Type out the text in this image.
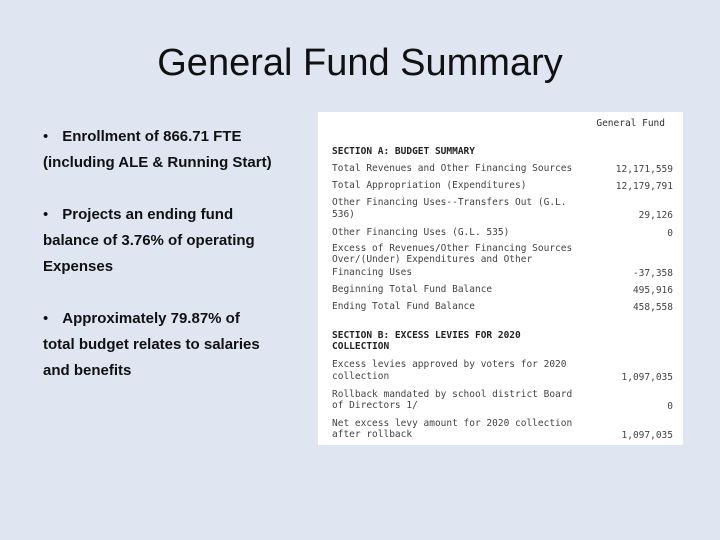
General Fund Summary
• Enrollment of 866.71 FTE
(including ALE & Running Start)
• Projects an ending fund
balance of 3.76% of operating
Expenses
• Approximately 79.87% of
total budget relates to salaries
and benefits
General Fund
SECTION A: BUDGET SUMMARY
Total Revenues and Other Financing Sources	12,171,559
Total Appropriation (Expenditures)	12,179,791
Other Financing Uses--Transfers Out (G.L.
536)	29,126
Other Financing Uses (G.L. 535)	0
Excess of Revenues/Other Financing Sources
Over/(Under) Expenditures and Other
Financing Uses	-37,358
Beginning Total Fund Balance	495,916
Ending Total Fund Balance	458,558
SECTION B: EXCESS LEVIES FOR 2020
COLLECTION
Excess levies approved by voters for 2020
collection	1,097,035
Rollback mandated by school district Board
of Directors 1/	0
Net excess levy amount for 2020 collection
after rollback	1,097,035
